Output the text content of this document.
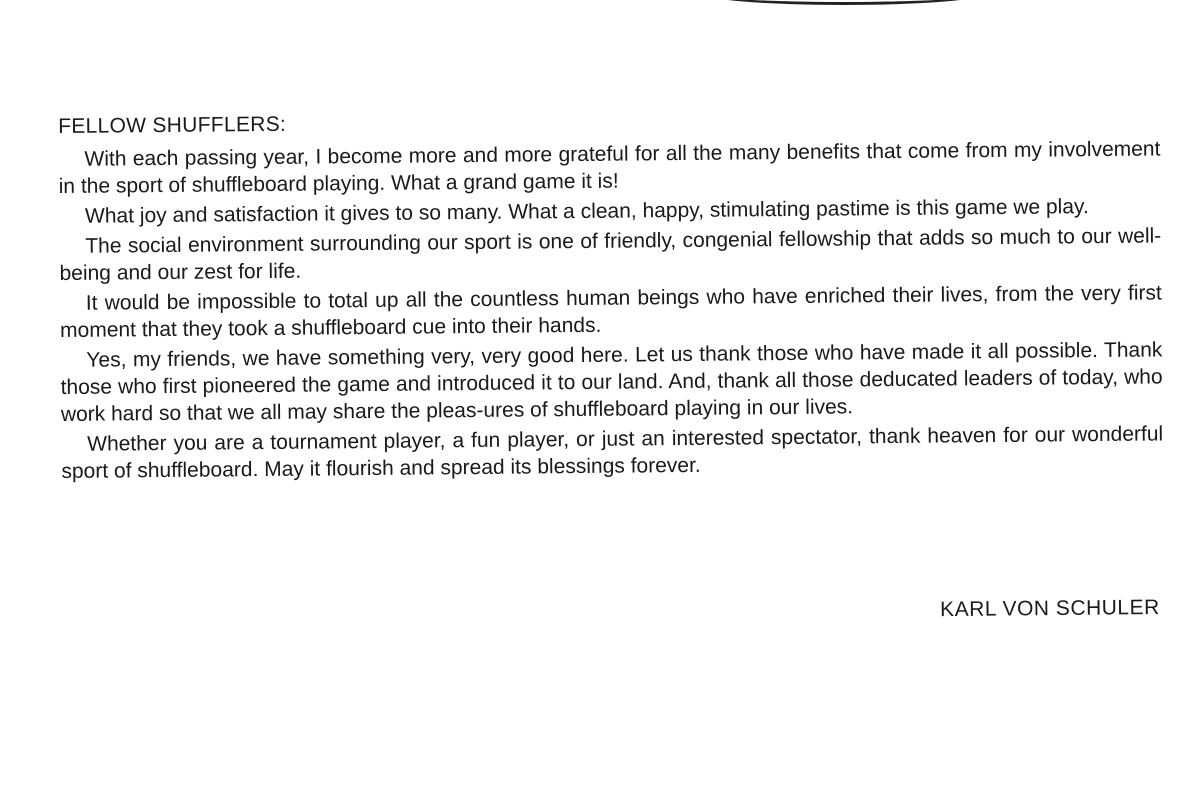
FELLOW SHUFFLERS:

With each passing year, I become more and more grateful for all the many benefits that come from my involvement in the sport of shuffleboard playing. What a grand game it is!

What joy and satisfaction it gives to so many. What a clean, happy, stimulating pastime is this game we play.

The social environment surrounding our sport is one of friendly, congenial fellowship that adds so much to our well-being and our zest for life.

It would be impossible to total up all the countless human beings who have enriched their lives, from the very first moment that they took a shuffleboard cue into their hands.

Yes, my friends, we have something very, very good here. Let us thank those who have made it all possible. Thank those who first pioneered the game and introduced it to our land. And, thank all those deducated leaders of today, who work hard so that we all may share the pleas-ures of shuffleboard playing in our lives.

Whether you are a tournament player, a fun player, or just an interested spectator, thank heaven for our wonderful sport of shuffleboard. May it flourish and spread its blessings forever.

KARL VON SCHULER
